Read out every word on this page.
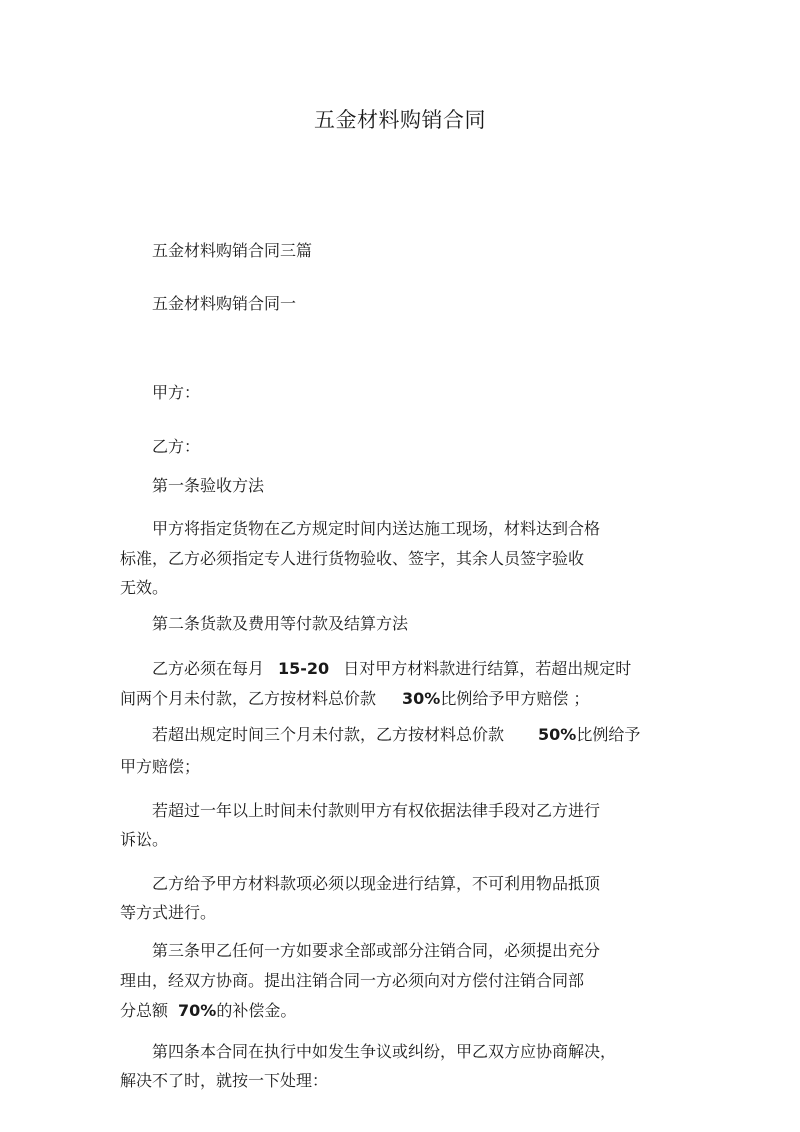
五金材料购销合同
五金材料购销合同三篇
五金材料购销合同一
甲方：
乙方：
第一条验收方法
甲方将指定货物在乙方规定时间内送达施工现场，材料达到合格
标准，乙方必须指定专人进行货物验收、签字，其余人员签字验收
无效。
第二条货款及费用等付款及结算方法
乙方必须在每月 15-20 日对甲方材料款进行结算，若超出规定时
间两个月未付款，乙方按材料总价款 30%比例给予甲方赔偿 ；
若超出规定时间三个月未付款，乙方按材料总价款 50%比例给予
甲方赔偿；
若超过一年以上时间未付款则甲方有权依据法律手段对乙方进行
诉讼。
乙方给予甲方材料款项必须以现金进行结算，不可利用物品抵顶
等方式进行。
第三条甲乙任何一方如要求全部或部分注销合同，必须提出充分
理由，经双方协商。提出注销合同一方必须向对方偿付注销合同部
分总额 70%的补偿金。
第四条本合同在执行中如发生争议或纠纷，甲乙双方应协商解决，
解决不了时，就按一下处理：
